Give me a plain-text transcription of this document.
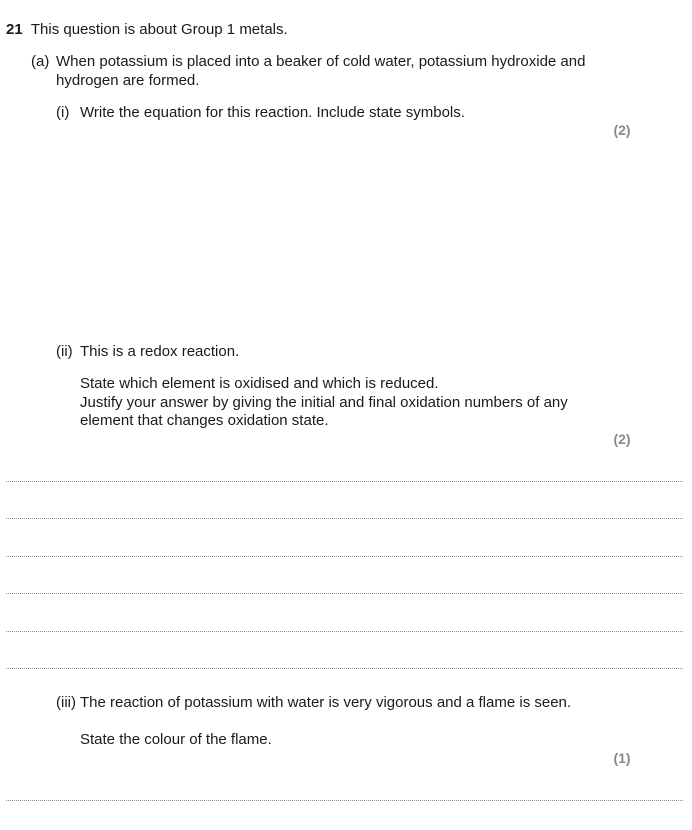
21 This question is about Group 1 metals.
(a) When potassium is placed into a beaker of cold water, potassium hydroxide and
hydrogen are formed.
(i) Write the equation for this reaction. Include state symbols.
(2)
(ii) This is a redox reaction.
State which element is oxidised and which is reduced.
Justify your answer by giving the initial and final oxidation numbers of any
element that changes oxidation state.
(2)
(iii) The reaction of potassium with water is very vigorous and a flame is seen.
State the colour of the flame.
(1)
